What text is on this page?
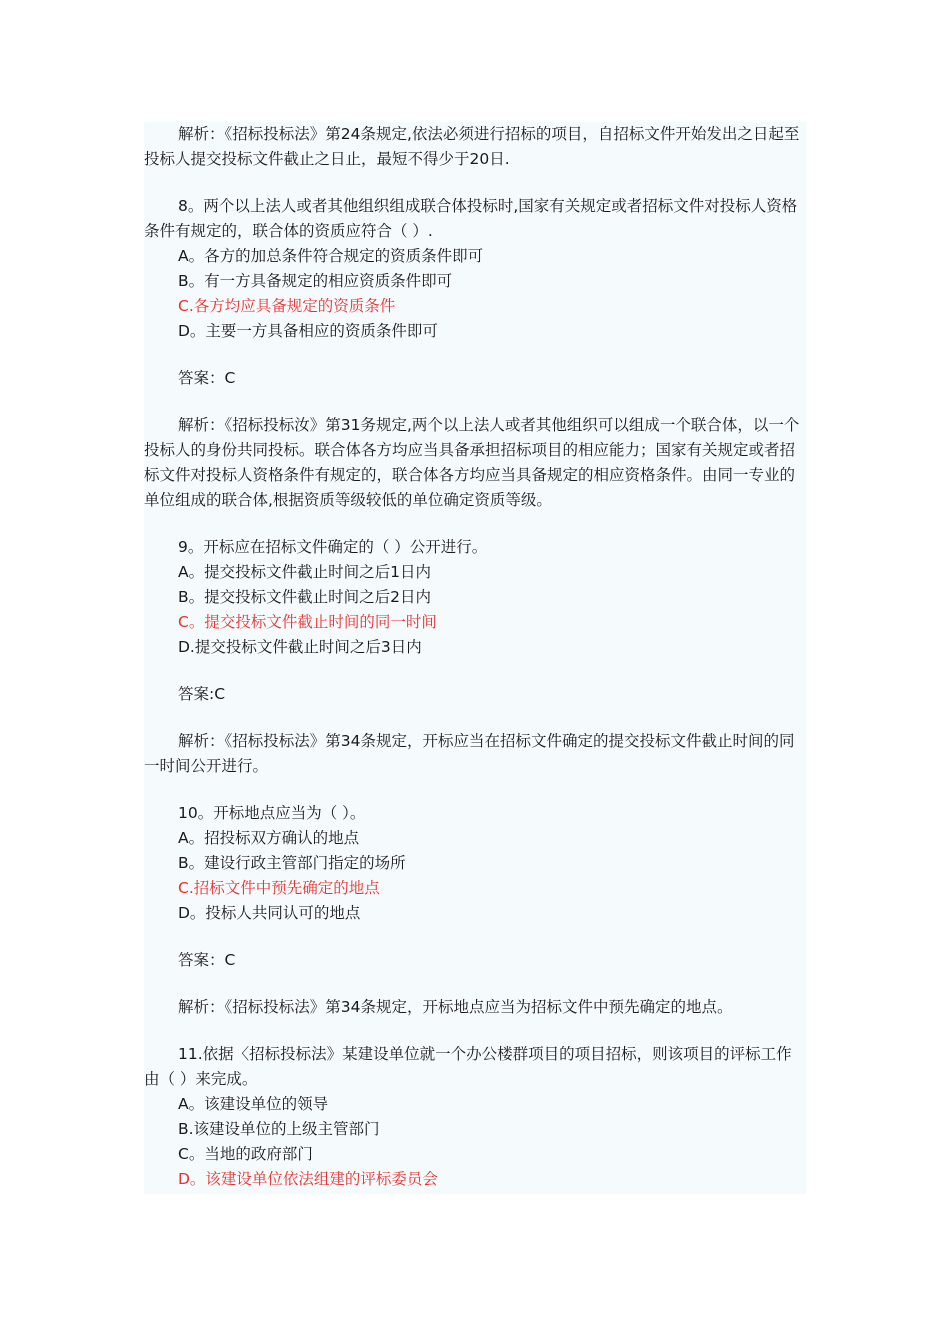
解析：《招标投标法》第24条规定,依法必须进行招标的项目，自招标文件开始发出之日起至投标人提交投标文件截止之日止，最短不得少于20日.

8。两个以上法人或者其他组织组成联合体投标时,国家有关规定或者招标文件对投标人资格条件有规定的，联合体的资质应符合（ ）.

A。各方的加总条件符合规定的资质条件即可

B。有一方具备规定的相应资质条件即可

C.各方均应具备规定的资质条件

D。主要一方具备相应的资质条件即可

答案：C

解析：《招标投标汝》第31务规定,两个以上法人或者其他组织可以组成一个联合体，以一个投标人的身份共同投标。联合体各方均应当具备承担招标项目的相应能力；国家有关规定或者招标文件对投标人资格条件有规定的，联合体各方均应当具备规定的相应资格条件。由同一专业的单位组成的联合体,根据资质等级较低的单位确定资质等级。

9。开标应在招标文件确定的（ ）公开进行。

A。提交投标文件截止时间之后1日内

B。提交投标文件截止时间之后2日内

C。提交投标文件截止时间的同一时间

D.提交投标文件截止时间之后3日内

答案:C

解析：《招标投标法》第34条规定，开标应当在招标文件确定的提交投标文件截止时间的同一时间公开进行。

10。开标地点应当为（ ）。

A。招投标双方确认的地点

B。建设行政主管部门指定的场所

C.招标文件中预先确定的地点

D。投标人共同认可的地点

答案：C

解析：《招标投标法》第34条规定，开标地点应当为招标文件中预先确定的地点。

11.依据〈招标投标法》某建设单位就一个办公楼群项目的项目招标，则该项目的评标工作由（ ）来完成。

A。该建设单位的领导

B.该建设单位的上级主管部门

C。当地的政府部门

D。该建设单位依法组建的评标委员会
